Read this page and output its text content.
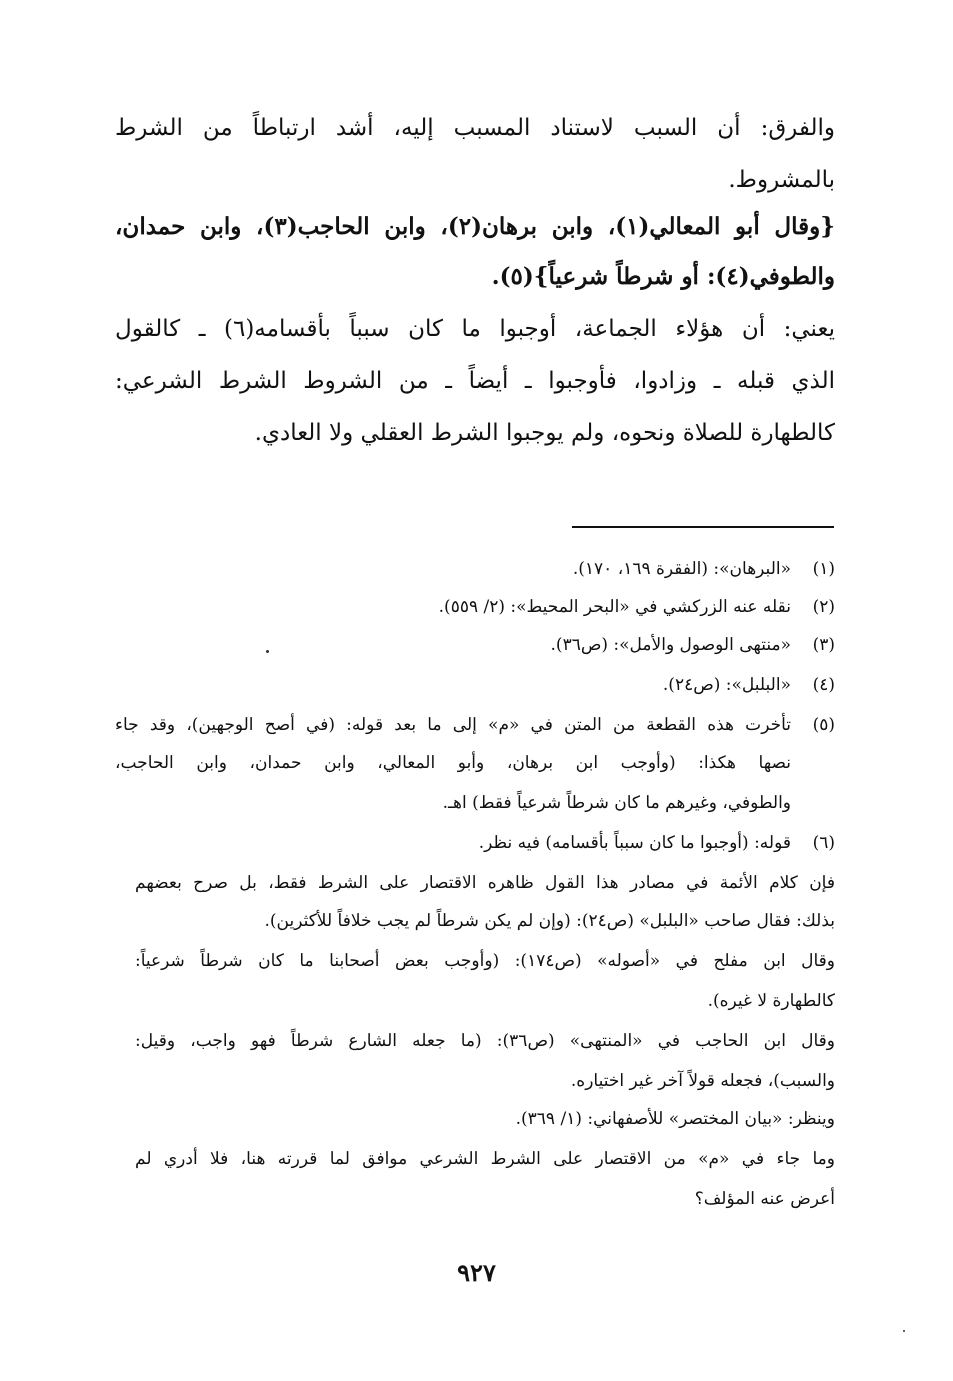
والفرق: أن السبب لاستناد المسبب إليه، أشد ارتباطاً من الشرط
بالمشروط.
{وقال أبو المعالي(١)، وابن برهان(٢)، وابن الحاجب(٣)، وابن حمدان،
والطوفي(٤): أو شرطاً شرعياً}(٥).
يعني: أن هؤلاء الجماعة، أوجبوا ما كان سبباً بأقسامه(٦) ـ كالقول
الذي قبله ـ وزادوا، فأوجبوا ـ أيضاً ـ من الشروط الشرط الشرعي:
كالطهارة للصلاة ونحوه، ولم يوجبوا الشرط العقلي ولا العادي.
(١)
«البرهان»: (الفقرة ١٦٩، ١٧٠).
(٢)
نقله عنه الزركشي في «البحر المحيط»: (٢/ ٥٥٩).
(٣)
«منتهى الوصول والأمل»: (ص٣٦).
(٤)
«البلبل»: (ص٢٤).
(٥)
تأخرت هذه القطعة من المتن في «م» إلى ما بعد قوله: (في أصح الوجهين)، وقد جاء
نصها هكذا: (وأوجب ابن برهان، وأبو المعالي، وابن حمدان، وابن الحاجب،
والطوفي، وغيرهم ما كان شرطاً شرعياً فقط) اهـ.
(٦)
قوله: (أوجبوا ما كان سبباً بأقسامه) فيه نظر.
فإن كلام الأئمة في مصادر هذا القول ظاهره الاقتصار على الشرط فقط، بل صرح بعضهم
بذلك: فقال صاحب «البلبل» (ص٢٤): (وإن لم يكن شرطاً لم يجب خلافاً للأكثرين).
وقال ابن مفلح في «أصوله» (ص١٧٤): (وأوجب بعض أصحابنا ما كان شرطاً شرعياً:
كالطهارة لا غيره).
وقال ابن الحاجب في «المنتهى» (ص٣٦): (ما جعله الشارع شرطاً فهو واجب، وقيل:
والسبب)، فجعله قولاً آخر غير اختياره.
وينظر: «بيان المختصر» للأصفهاني: (١/ ٣٦٩).
وما جاء في «م» من الاقتصار على الشرط الشرعي موافق لما قررته هنا، فلا أدري لم
أعرض عنه المؤلف؟
٩٢٧
